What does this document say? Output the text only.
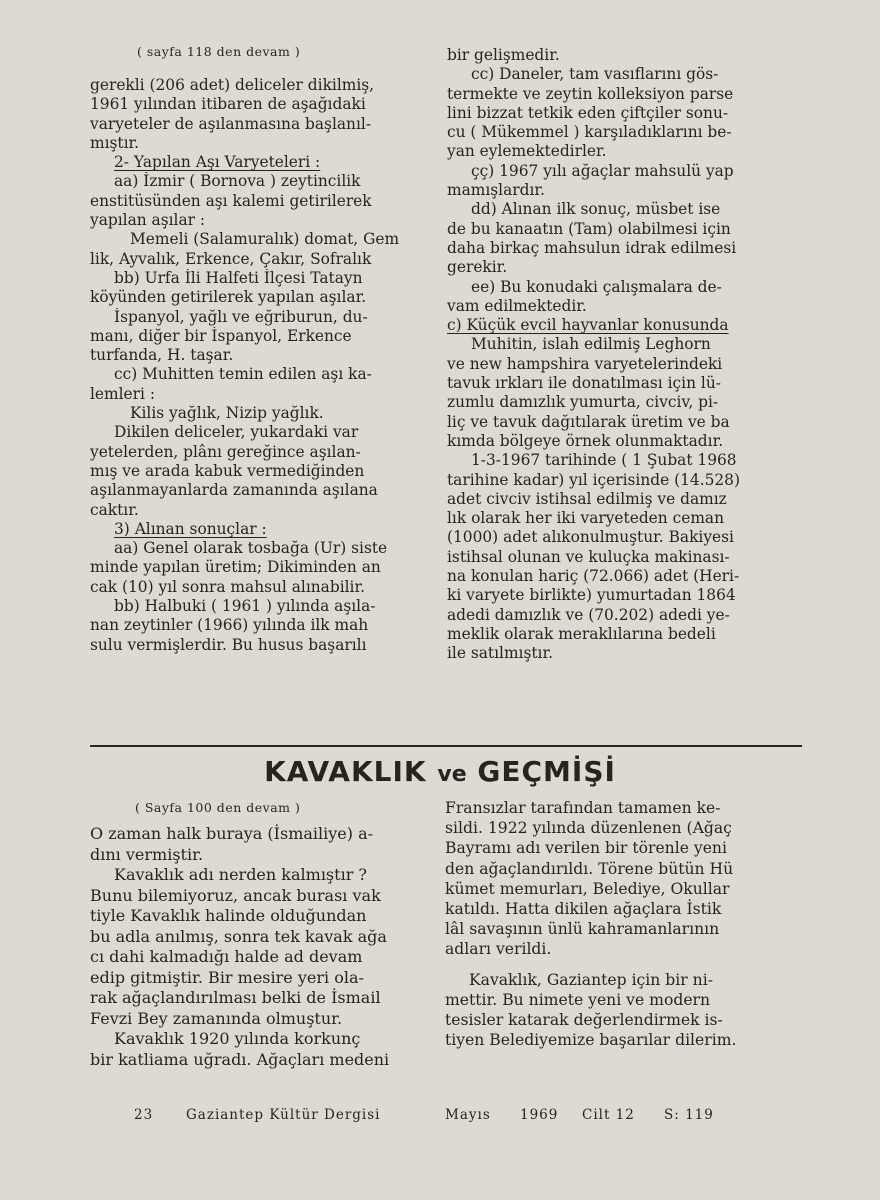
( sayfa 118 den devam )
gerekli (206 adet) deliceler dikilmiş,
1961 yılından itibaren de aşağıdaki
varyeteler de aşılanmasına başlanıl-
mıştır.
2- Yapılan Aşı Varyeteleri :
aa) İzmir ( Bornova ) zeytincilik
enstitüsünden aşı kalemi getirilerek
yapılan aşılar :
Memeli (Salamuralık) domat, Gem
lik, Ayvalık, Erkence, Çakır, Sofralık
bb) Urfa İli Halfeti İlçesi Tatayn
köyünden getirilerek yapılan aşılar.
İspanyol, yağlı ve eğriburun, du-
manı, diğer bir İspanyol, Erkence
turfanda, H. taşar.
cc) Muhitten temin edilen aşı ka-
lemleri :
Kilis yağlık, Nizip yağlık.
Dikilen deliceler, yukardaki var
yetelerden, plânı gereğince aşılan-
mış ve arada kabuk vermediğinden
aşılanmayanlarda zamanında aşılana
caktır.
3) Alınan sonuçlar :
aa) Genel olarak tosbağa (Ur) siste
minde yapılan üretim; Dikiminden an
cak (10) yıl sonra mahsul alınabilir.
bb) Halbuki ( 1961 ) yılında aşıla-
nan zeytinler (1966) yılında ilk mah
sulu vermişlerdir. Bu husus başarılı
bir gelişmedir.
cc) Daneler, tam vasıflarını gös-
termekte ve zeytin kolleksiyon parse
lini bizzat tetkik eden çiftçiler sonu-
cu ( Mükemmel ) karşıladıklarını be-
yan eylemektedirler.
çç) 1967 yılı ağaçlar mahsulü yap
mamışlardır.
dd) Alınan ilk sonuç, müsbet ise
de bu kanaatın (Tam) olabilmesi için
daha birkaç mahsulun idrak edilmesi
gerekir.
ee) Bu konudaki çalışmalara de-
vam edilmektedir.
c) Küçük evcil hayvanlar konusunda
Muhitin, islah edilmiş Leghorn
ve new hampshira varyetelerindeki
tavuk ırkları ile donatılması için lü-
zumlu damızlık yumurta, civciv, pi-
liç ve tavuk dağıtılarak üretim ve ba
kımda bölgeye örnek olunmaktadır.
1-3-1967 tarihinde ( 1 Şubat 1968
tarihine kadar) yıl içerisinde (14.528)
adet civciv istihsal edilmiş ve damız
lık olarak her iki varyeteden ceman
(1000) adet alıkonulmuştur. Bakiyesi
istihsal olunan ve kuluçka makinası-
na konulan hariç (72.066) adet (Heri-
ki varyete birlikte) yumurtadan 1864
adedi damızlık ve (70.202) adedi ye-
meklik olarak meraklılarına bedeli
ile satılmıştır.
KAVAKLIK ve GEÇMİŞİ
( Sayfa 100 den devam )
O zaman halk buraya (İsmailiye) a-
dını vermiştir.
Kavaklık adı nerden kalmıştır ?
Bunu bilemiyoruz, ancak burası vak
tiyle Kavaklık halinde olduğundan
bu adla anılmış, sonra tek kavak ağa
cı dahi kalmadığı halde ad devam
edip gitmiştir. Bir mesire yeri ola-
rak ağaçlandırılması belki de İsmail
Fevzi Bey zamanında olmuştur.
Kavaklık 1920 yılında korkunç
bir katliama uğradı. Ağaçları medeni
Fransızlar tarafından tamamen ke-
sildi. 1922 yılında düzenlenen (Ağaç
Bayramı adı verilen bir törenle yeni
den ağaçlandırıldı. Törene bütün Hü
kümet memurları, Belediye, Okullar
katıldı. Hatta dikilen ağaçlara İstik
lâl savaşının ünlü kahramanlarının
adları verildi.
Kavaklık, Gaziantep için bir ni-
mettir. Bu nimete yeni ve modern
tesisler katarak değerlendirmek is-
tiyen Belediyemize başarılar dilerim.
23 Gaziantep Kültür Dergisi	Mayıs 1969 Cilt 12 S: 119
